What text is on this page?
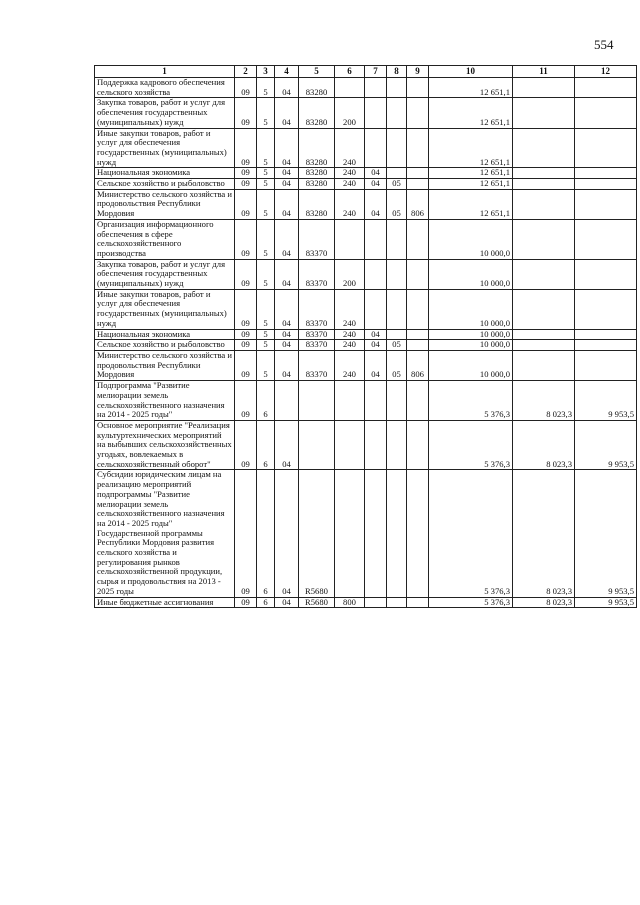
554
1	2	3	4	5	6	7	8	9	10	11	12
Поддержка кадрового обеспечения сельского хозяйства	09	5	04	83280					12 651,1		
Закупка товаров, работ и услуг для обеспечения государственных (муниципальных) нужд	09	5	04	83280	200				12 651,1		
Иные закупки товаров, работ и услуг для обеспечения государственных (муниципальных) нужд	09	5	04	83280	240				12 651,1		
Национальная экономика	09	5	04	83280	240	04			12 651,1		
Сельское хозяйство и рыболовство	09	5	04	83280	240	04	05		12 651,1		
Министерство сельского хозяйства и продовольствия Республики Мордовия	09	5	04	83280	240	04	05	806	12 651,1		
Организация информационного обеспечения в сфере сельскохозяйственного производства	09	5	04	83370					10 000,0		
Закупка товаров, работ и услуг для обеспечения государственных (муниципальных) нужд	09	5	04	83370	200				10 000,0		
Иные закупки товаров, работ и услуг для обеспечения государственных (муниципальных) нужд	09	5	04	83370	240				10 000,0		
Национальная экономика	09	5	04	83370	240	04			10 000,0		
Сельское хозяйство и рыболовство	09	5	04	83370	240	04	05		10 000,0		
Министерство сельского хозяйства и продовольствия Республики Мордовия	09	5	04	83370	240	04	05	806	10 000,0		
Подпрограмма "Развитие мелиорации земель сельскохозяйственного назначения на 2014 - 2025 годы"	09	6							5 376,3	8 023,3	9 953,5
Основное мероприятие "Реализация культуртехнических мероприятий на выбывших сельскохозяйственных угодьях, вовлекаемых в сельскохозяйственный оборот"	09	6	04						5 376,3	8 023,3	9 953,5
Субсидии юридическим лицам на реализацию мероприятий подпрограммы "Развитие мелиорации земель сельскохозяйственного назначения на 2014 - 2025 годы" Государственной программы Республики Мордовия развития сельского хозяйства и регулирования рынков сельскохозяйственной продукции, сырья и продовольствия на 2013 - 2025 годы	09	6	04	R5680					5 376,3	8 023,3	9 953,5
Иные бюджетные ассигнования	09	6	04	R5680	800				5 376,3	8 023,3	9 953,5
